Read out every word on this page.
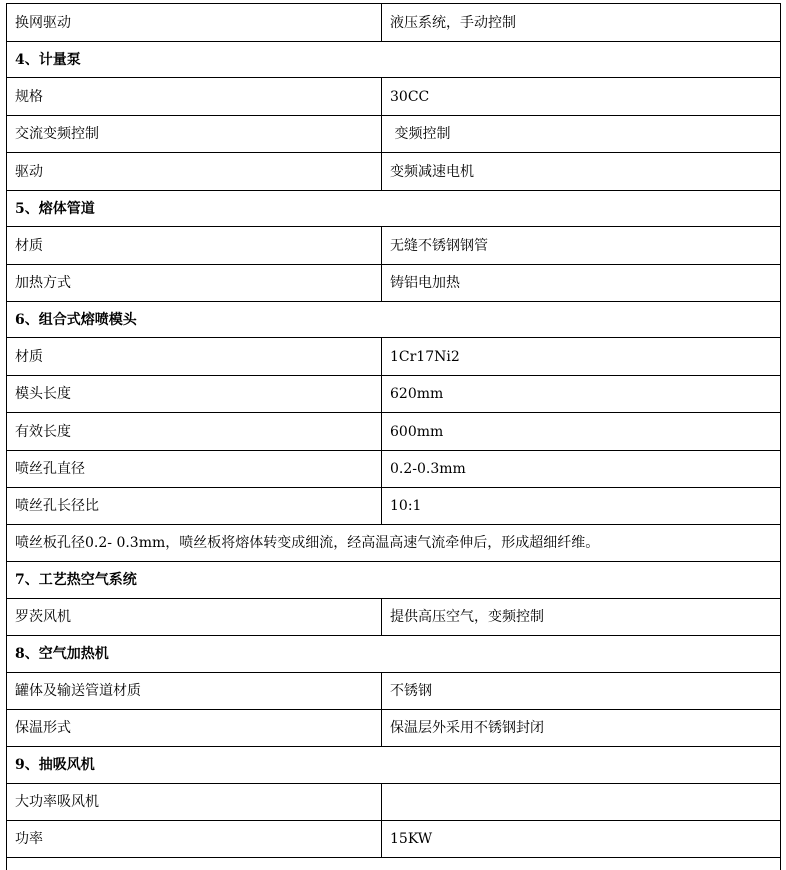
换网驱动	液压系统，手动控制
4、计量泵	
规格	30CC
交流变频控制	变频控制
驱动	变频减速电机
5、熔体管道	
材质	无缝不锈钢钢管
加热方式	铸铝电加热
6、组合式熔喷模头	
材质	1Cr17Ni2
模头长度	620mm
有效长度	600mm
喷丝孔直径	0.2-0.3mm
喷丝孔长径比	10:1
喷丝板孔径0.2- 0.3mm，喷丝板将熔体转变成细流，经高温高速气流牵伸后，形成超细纤维。	
7、工艺热空气系统	
罗茨风机	提供高压空气，变频控制
8、空气加热机	
罐体及输送管道材质	不锈钢
保温形式	保温层外采用不锈钢封闭
9、抽吸风机	
大功率吸风机	
功率	15KW
